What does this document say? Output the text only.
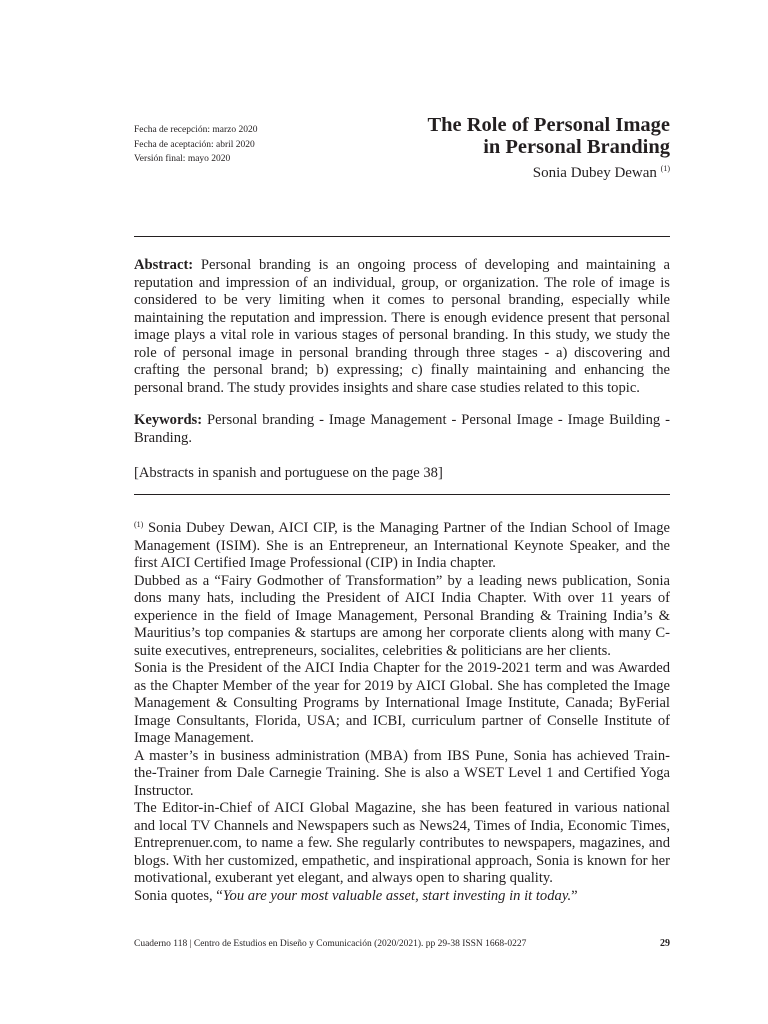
Fecha de recepción: marzo 2020
Fecha de aceptación: abril 2020
Versión final: mayo 2020
The Role of Personal Image
in Personal Branding
Sonia Dubey Dewan $^{(1)}$

Abstract: Personal branding is an ongoing process of developing and maintaining a reputation and impression of an individual, group, or organization. The role of image is considered to be very limiting when it comes to personal branding, especially while maintaining the reputation and impression. There is enough evidence present that personal image plays a vital role in various stages of personal branding. In this study, we study the role of personal image in personal branding through three stages - a) discovering and crafting the personal brand; b) expressing; c) finally maintaining and enhancing the personal brand. The study provides insights and share case studies related to this topic.

Keywords: Personal branding - Image Management - Personal Image - Image Building - Branding.

[Abstracts in spanish and portuguese on the page 38]

$^{(1)}$ Sonia Dubey Dewan, AICI CIP, is the Managing Partner of the Indian School of Image Management (ISIM). She is an Entrepreneur, an International Keynote Speaker, and the first AICI Certified Image Professional (CIP) in India chapter.

Dubbed as a “Fairy Godmother of Transformation” by a leading news publication, Sonia dons many hats, including the President of AICI India Chapter. With over 11 years of experience in the field of Image Management, Personal Branding & Training India’s & Mauritius’s top companies & startups are among her corporate clients along with many C-suite executives, entrepreneurs, socialites, celebrities & politicians are her clients.

Sonia is the President of the AICI India Chapter for the 2019-2021 term and was Awarded as the Chapter Member of the year for 2019 by AICI Global. She has completed the Image Management & Consulting Programs by International Image Institute, Canada; ByFerial Image Consultants, Florida, USA; and ICBI, curriculum partner of Conselle Institute of Image Management.

A master’s in business administration (MBA) from IBS Pune, Sonia has achieved Train-the-Trainer from Dale Carnegie Training. She is also a WSET Level 1 and Certified Yoga Instructor.

The Editor-in-Chief of AICI Global Magazine, she has been featured in various national and local TV Channels and Newspapers such as News24, Times of India, Economic Times, Entreprenuer.com, to name a few. She regularly contributes to newspapers, magazines, and blogs. With her customized, empathetic, and inspirational approach, Sonia is known for her motivational, exuberant yet elegant, and always open to sharing quality.

Sonia quotes, “You are your most valuable asset, start investing in it today.”

Cuaderno 118 | Centro de Estudios en Diseño y Comunicación (2020/2021). pp 29-38 ISSN 1668-0227	29
